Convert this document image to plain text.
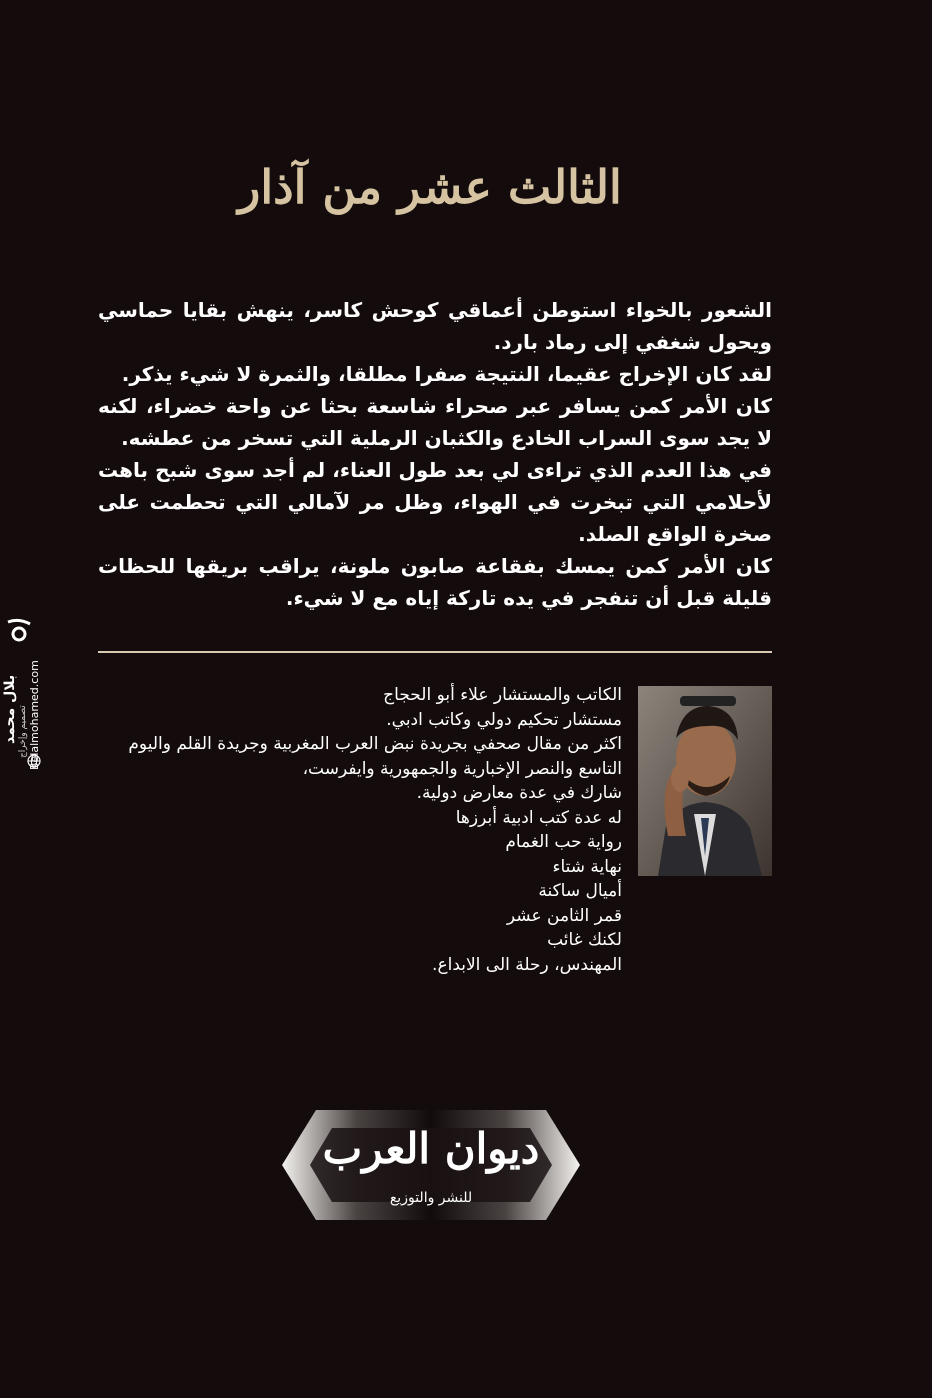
الثالث عشر من آذار

الشعور بالخواء استوطن أعماقي كوحش كاسر، ينهش بقايا حماسي ويحول شغفي إلى رماد بارد.

لقد كان الإخراج عقيما، النتيجة صفرا مطلقا، والثمرة لا شيء يذكر.

كان الأمر كمن يسافر عبر صحراء شاسعة بحثا عن واحة خضراء، لكنه لا يجد سوى السراب الخادع والكثبان الرملية التي تسخر من عطشه.

في هذا العدم الذي تراءى لي بعد طول العناء، لم أجد سوى شبح باهت لأحلامي التي تبخرت في الهواء، وظل مر لآمالي التي تحطمت على صخرة الواقع الصلد.

كان الأمر كمن يمسك بفقاعة صابون ملونة، يراقب بريقها للحظات قليلة قبل أن تنفجر في يده تاركة إياه مع لا شيء.

الكاتب والمستشار علاء أبو الحجاج
مستشار تحكيم دولي وكاتب ادبي.
اكثر من مقال صحفي بجريدة نبض العرب المغربية وجريدة القلم واليوم
التاسع والنصر الإخبارية والجمهورية وايفرست،
شارك في عدة معارض دولية.
له عدة كتب ادبية أبرزها
رواية حب الغمام
نهاية شتاء
أميال ساكنة
قمر الثامن عشر
لكنك غائب
المهندس، رحلة الى الابداع.
بلال محمد تصميم وإخراج Belalmohamed.com
ديوان العرب
للنشر والتوزيع
